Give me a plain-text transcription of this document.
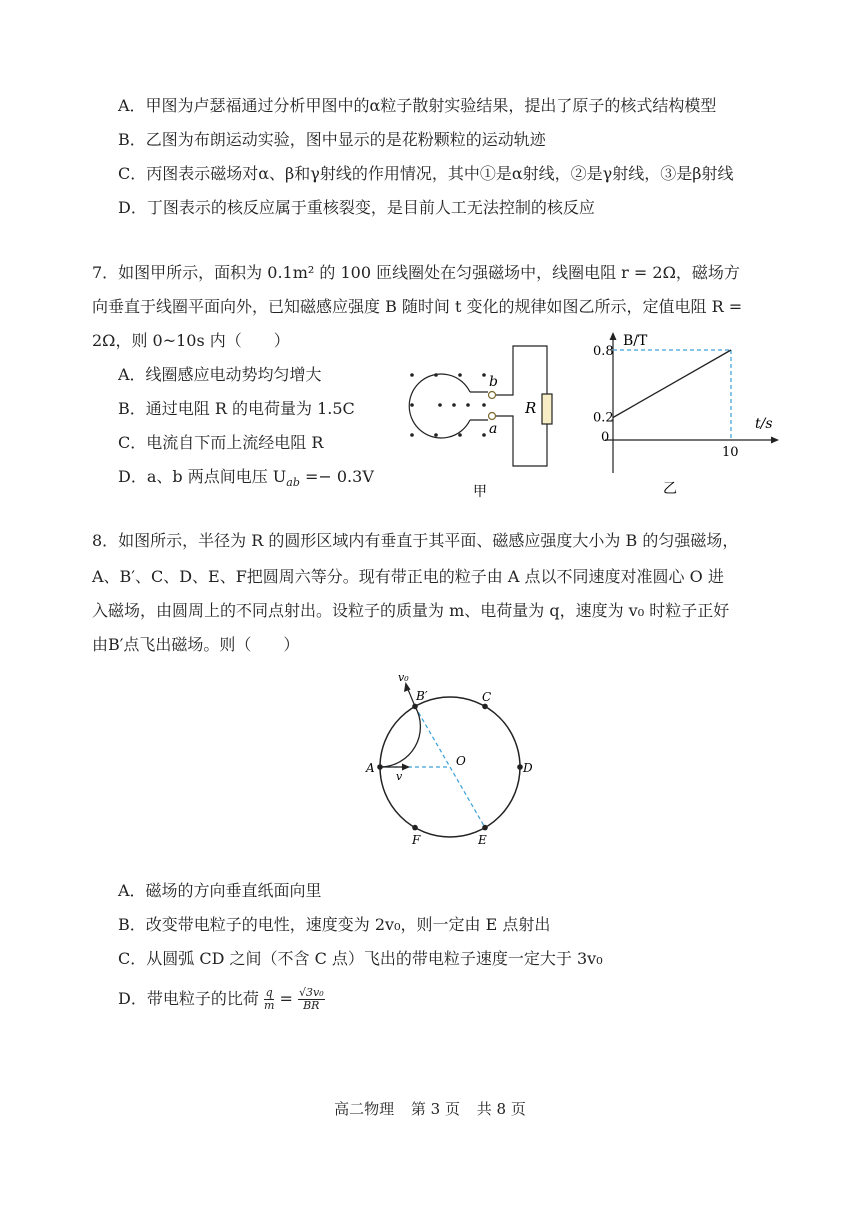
A．甲图为卢瑟福通过分析甲图中的α粒子散射实验结果，提出了原子的核式结构模型
B．乙图为布朗运动实验，图中显示的是花粉颗粒的运动轨迹
C．丙图表示磁场对α、β和γ射线的作用情况，其中①是α射线，②是γ射线，③是β射线
D．丁图表示的核反应属于重核裂变，是目前人工无法控制的核反应
7．如图甲所示，面积为 0.1m² 的 100 匝线圈处在匀强磁场中，线圈电阻 r = 2Ω，磁场方
向垂直于线圈平面向外，已知磁感应强度 B 随时间 t 变化的规律如图乙所示，定值电阻 R =
2Ω，则 0~10s 内（　　）
A．线圈感应电动势均匀增大
B．通过电阻 R 的电荷量为 1.5C
C．电流自下而上流经电阻 R
D．a、b 两点间电压 $U_{ab} =- 0.3V$
b
a
R
甲
B/T
t/s
0.8
0.2
0
10
乙
8．如图所示，半径为 R 的圆形区域内有垂直于其平面、磁感应强度大小为 B 的匀强磁场，
A、B′、C、D、E、F把圆周六等分。现有带正电的粒子由 A 点以不同速度对准圆心 O 进
入磁场，由圆周上的不同点射出。设粒子的质量为 m、电荷量为 q，速度为 v₀ 时粒子正好
由B′点飞出磁场。则（　　）
A
B′	C
D
E
F
O
v
v₀
A．磁场的方向垂直纸面向里
B．改变带电粒子的电性，速度变为 2v₀，则一定由 E 点射出
C．从圆弧 CD 之间（不含 C 点）飞出的带电粒子速度一定大于 3v₀
D．带电粒子的比荷 $\frac{q}{m} = \frac{\text{√3v₀}}{BR}$
高二物理 第 3 页 共 8 页
